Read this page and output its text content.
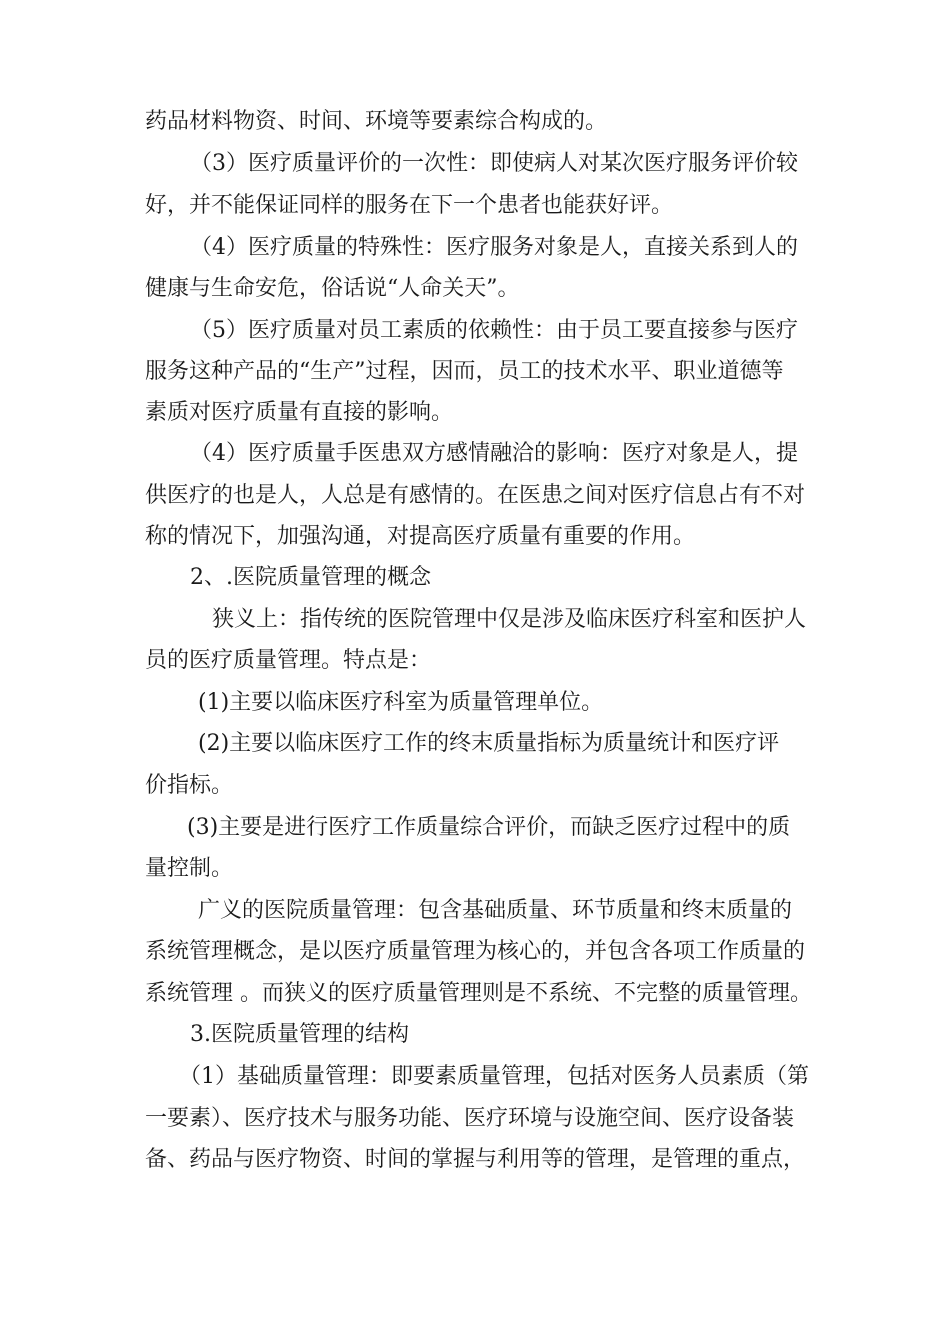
药品材料物资、时间、环境等要素综合构成的。

（3）医疗质量评价的一次性：即使病人对某次医疗服务评价较

好，并不能保证同样的服务在下一个患者也能获好评。

（4）医疗质量的特殊性：医疗服务对象是人，直接关系到人的

健康与生命安危，俗话说“人命关天”。

（5）医疗质量对员工素质的依赖性：由于员工要直接参与医疗

服务这种产品的“生产”过程，因而，员工的技术水平、职业道德等

素质对医疗质量有直接的影响。

（4）医疗质量手医患双方感情融洽的影响：医疗对象是人，提

供医疗的也是人，人总是有感情的。在医患之间对医疗信息占有不对

称的情况下，加强沟通，对提高医疗质量有重要的作用。

2、.医院质量管理的概念

狭义上：指传统的医院管理中仅是涉及临床医疗科室和医护人

员的医疗质量管理。特点是：

(1)主要以临床医疗科室为质量管理单位。

(2)主要以临床医疗工作的终末质量指标为质量统计和医疗评

价指标。

(3)主要是进行医疗工作质量综合评价，而缺乏医疗过程中的质

量控制。

广义的医院质量管理：包含基础质量、环节质量和终末质量的

系统管理概念，是以医疗质量管理为核心的，并包含各项工作质量的

系统管理 。而狭义的医疗质量管理则是不系统、不完整的质量管理。

3.医院质量管理的结构

（1）基础质量管理：即要素质量管理，包括对医务人员素质（第

一要素）、医疗技术与服务功能、医疗环境与设施空间、医疗设备装

备、药品与医疗物资、时间的掌握与利用等的管理，是管理的重点，
